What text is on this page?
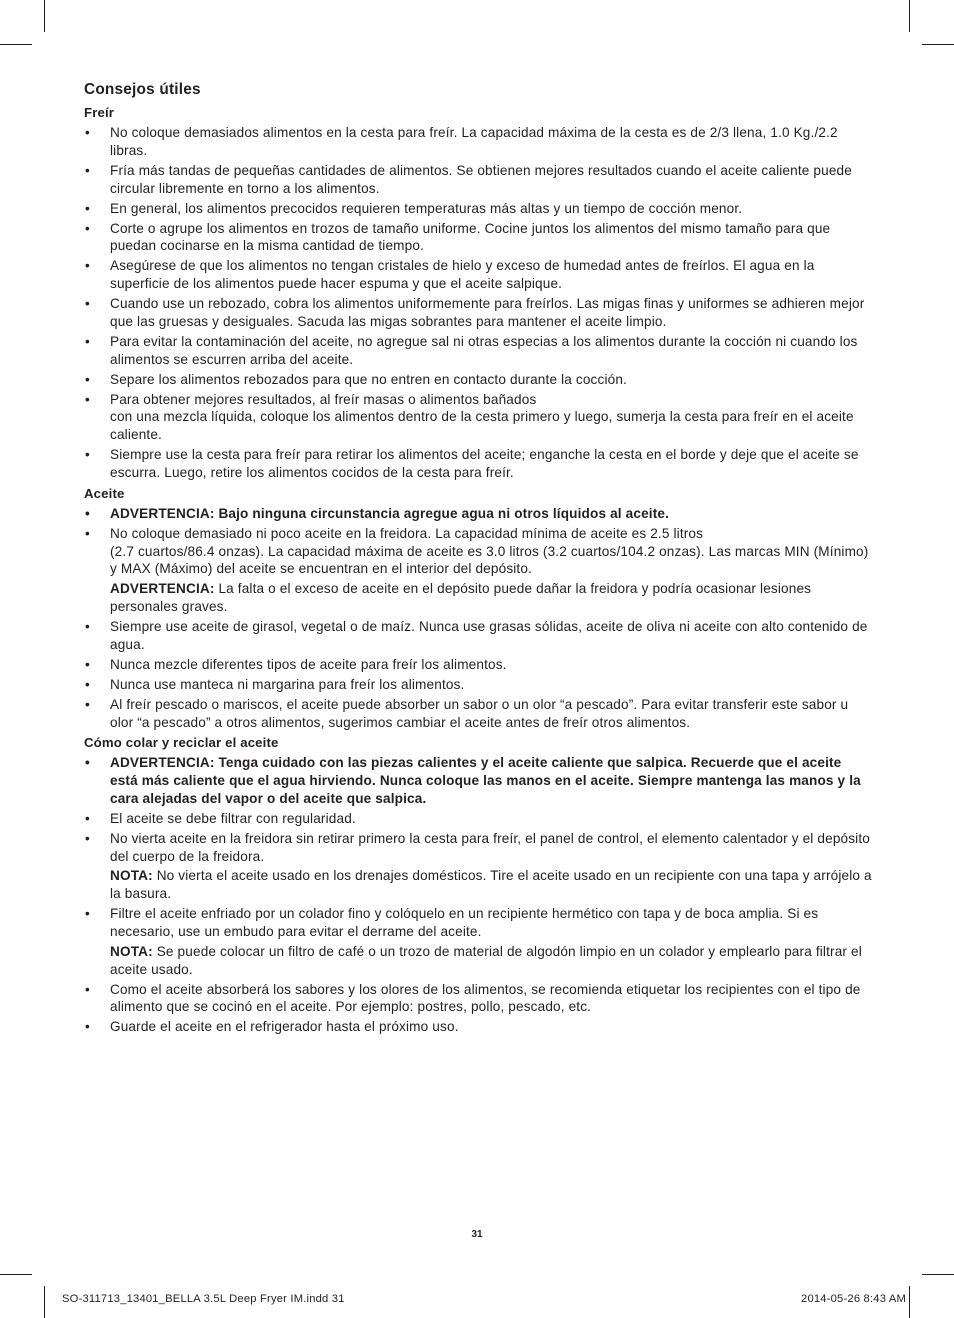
Consejos útiles
Freír
• No coloque demasiados alimentos en la cesta para freír. La capacidad máxima de la cesta es de 2/3 llena, 1.0 Kg./2.2 libras.
• Fría más tandas de pequeñas cantidades de alimentos. Se obtienen mejores resultados cuando el aceite caliente puede circular libremente en torno a los alimentos.
• En general, los alimentos precocidos requieren temperaturas más altas y un tiempo de cocción menor.
• Corte o agrupe los alimentos en trozos de tamaño uniforme. Cocine juntos los alimentos del mismo tamaño para que puedan cocinarse en la misma cantidad de tiempo.
• Asegúrese de que los alimentos no tengan cristales de hielo y exceso de humedad antes de freírlos. El agua en la superficie de los alimentos puede hacer espuma y que el aceite salpique.
• Cuando use un rebozado, cobra los alimentos uniformemente para freírlos. Las migas finas y uniformes se adhieren mejor que las gruesas y desiguales. Sacuda las migas sobrantes para mantener el aceite limpio.
• Para evitar la contaminación del aceite, no agregue sal ni otras especias a los alimentos durante la cocción ni cuando los alimentos se escurren arriba del aceite.
• Separe los alimentos rebozados para que no entren en contacto durante la cocción.
• Para obtener mejores resultados, al freír masas o alimentos bañados
con una mezcla líquida, coloque los alimentos dentro de la cesta primero y luego, sumerja la cesta para freír en el aceite caliente.
• Siempre use la cesta para freír para retirar los alimentos del aceite; enganche la cesta en el borde y deje que el aceite se escurra. Luego, retire los alimentos cocidos de la cesta para freír.
Aceite
• ADVERTENCIA: Bajo ninguna circunstancia agregue agua ni otros líquidos al aceite.
• No coloque demasiado ni poco aceite en la freidora. La capacidad mínima de aceite es 2.5 litros
(2.7 cuartos/86.4 onzas). La capacidad máxima de aceite es 3.0 litros (3.2 cuartos/104.2 onzas). Las marcas MIN (Mínimo) y MAX (Máximo) del aceite se encuentran en el interior del depósito.
ADVERTENCIA: La falta o el exceso de aceite en el depósito puede dañar la freidora y podría ocasionar lesiones personales graves.
• Siempre use aceite de girasol, vegetal o de maíz. Nunca use grasas sólidas, aceite de oliva ni aceite con alto contenido de agua.
• Nunca mezcle diferentes tipos de aceite para freír los alimentos.
• Nunca use manteca ni margarina para freír los alimentos.
• Al freír pescado o mariscos, el aceite puede absorber un sabor o un olor “a pescado”. Para evitar transferir este sabor u olor “a pescado” a otros alimentos, sugerimos cambiar el aceite antes de freír otros alimentos.
Cómo colar y reciclar el aceite
• ADVERTENCIA: Tenga cuidado con las piezas calientes y el aceite caliente que salpica. Recuerde que el aceite está más caliente que el agua hirviendo. Nunca coloque las manos en el aceite. Siempre mantenga las manos y la cara alejadas del vapor o del aceite que salpica.
• El aceite se debe filtrar con regularidad.
• No vierta aceite en la freidora sin retirar primero la cesta para freír, el panel de control, el elemento calentador y el depósito del cuerpo de la freidora.
NOTA: No vierta el aceite usado en los drenajes domésticos. Tire el aceite usado en un recipiente con una tapa y arrójelo a la basura.
• Filtre el aceite enfriado por un colador fino y colóquelo en un recipiente hermético con tapa y de boca amplia. Si es necesario, use un embudo para evitar el derrame del aceite.
NOTA: Se puede colocar un filtro de café o un trozo de material de algodón limpio en un colador y emplearlo para filtrar el aceite usado.
• Como el aceite absorberá los sabores y los olores de los alimentos, se recomienda etiquetar los recipientes con el tipo de alimento que se cocinó en el aceite. Por ejemplo: postres, pollo, pescado, etc.
• Guarde el aceite en el refrigerador hasta el próximo uso.
31
SO-311713_13401_BELLA 3.5L Deep Fryer IM.indd 31	2014-05-26 8:43 AM
